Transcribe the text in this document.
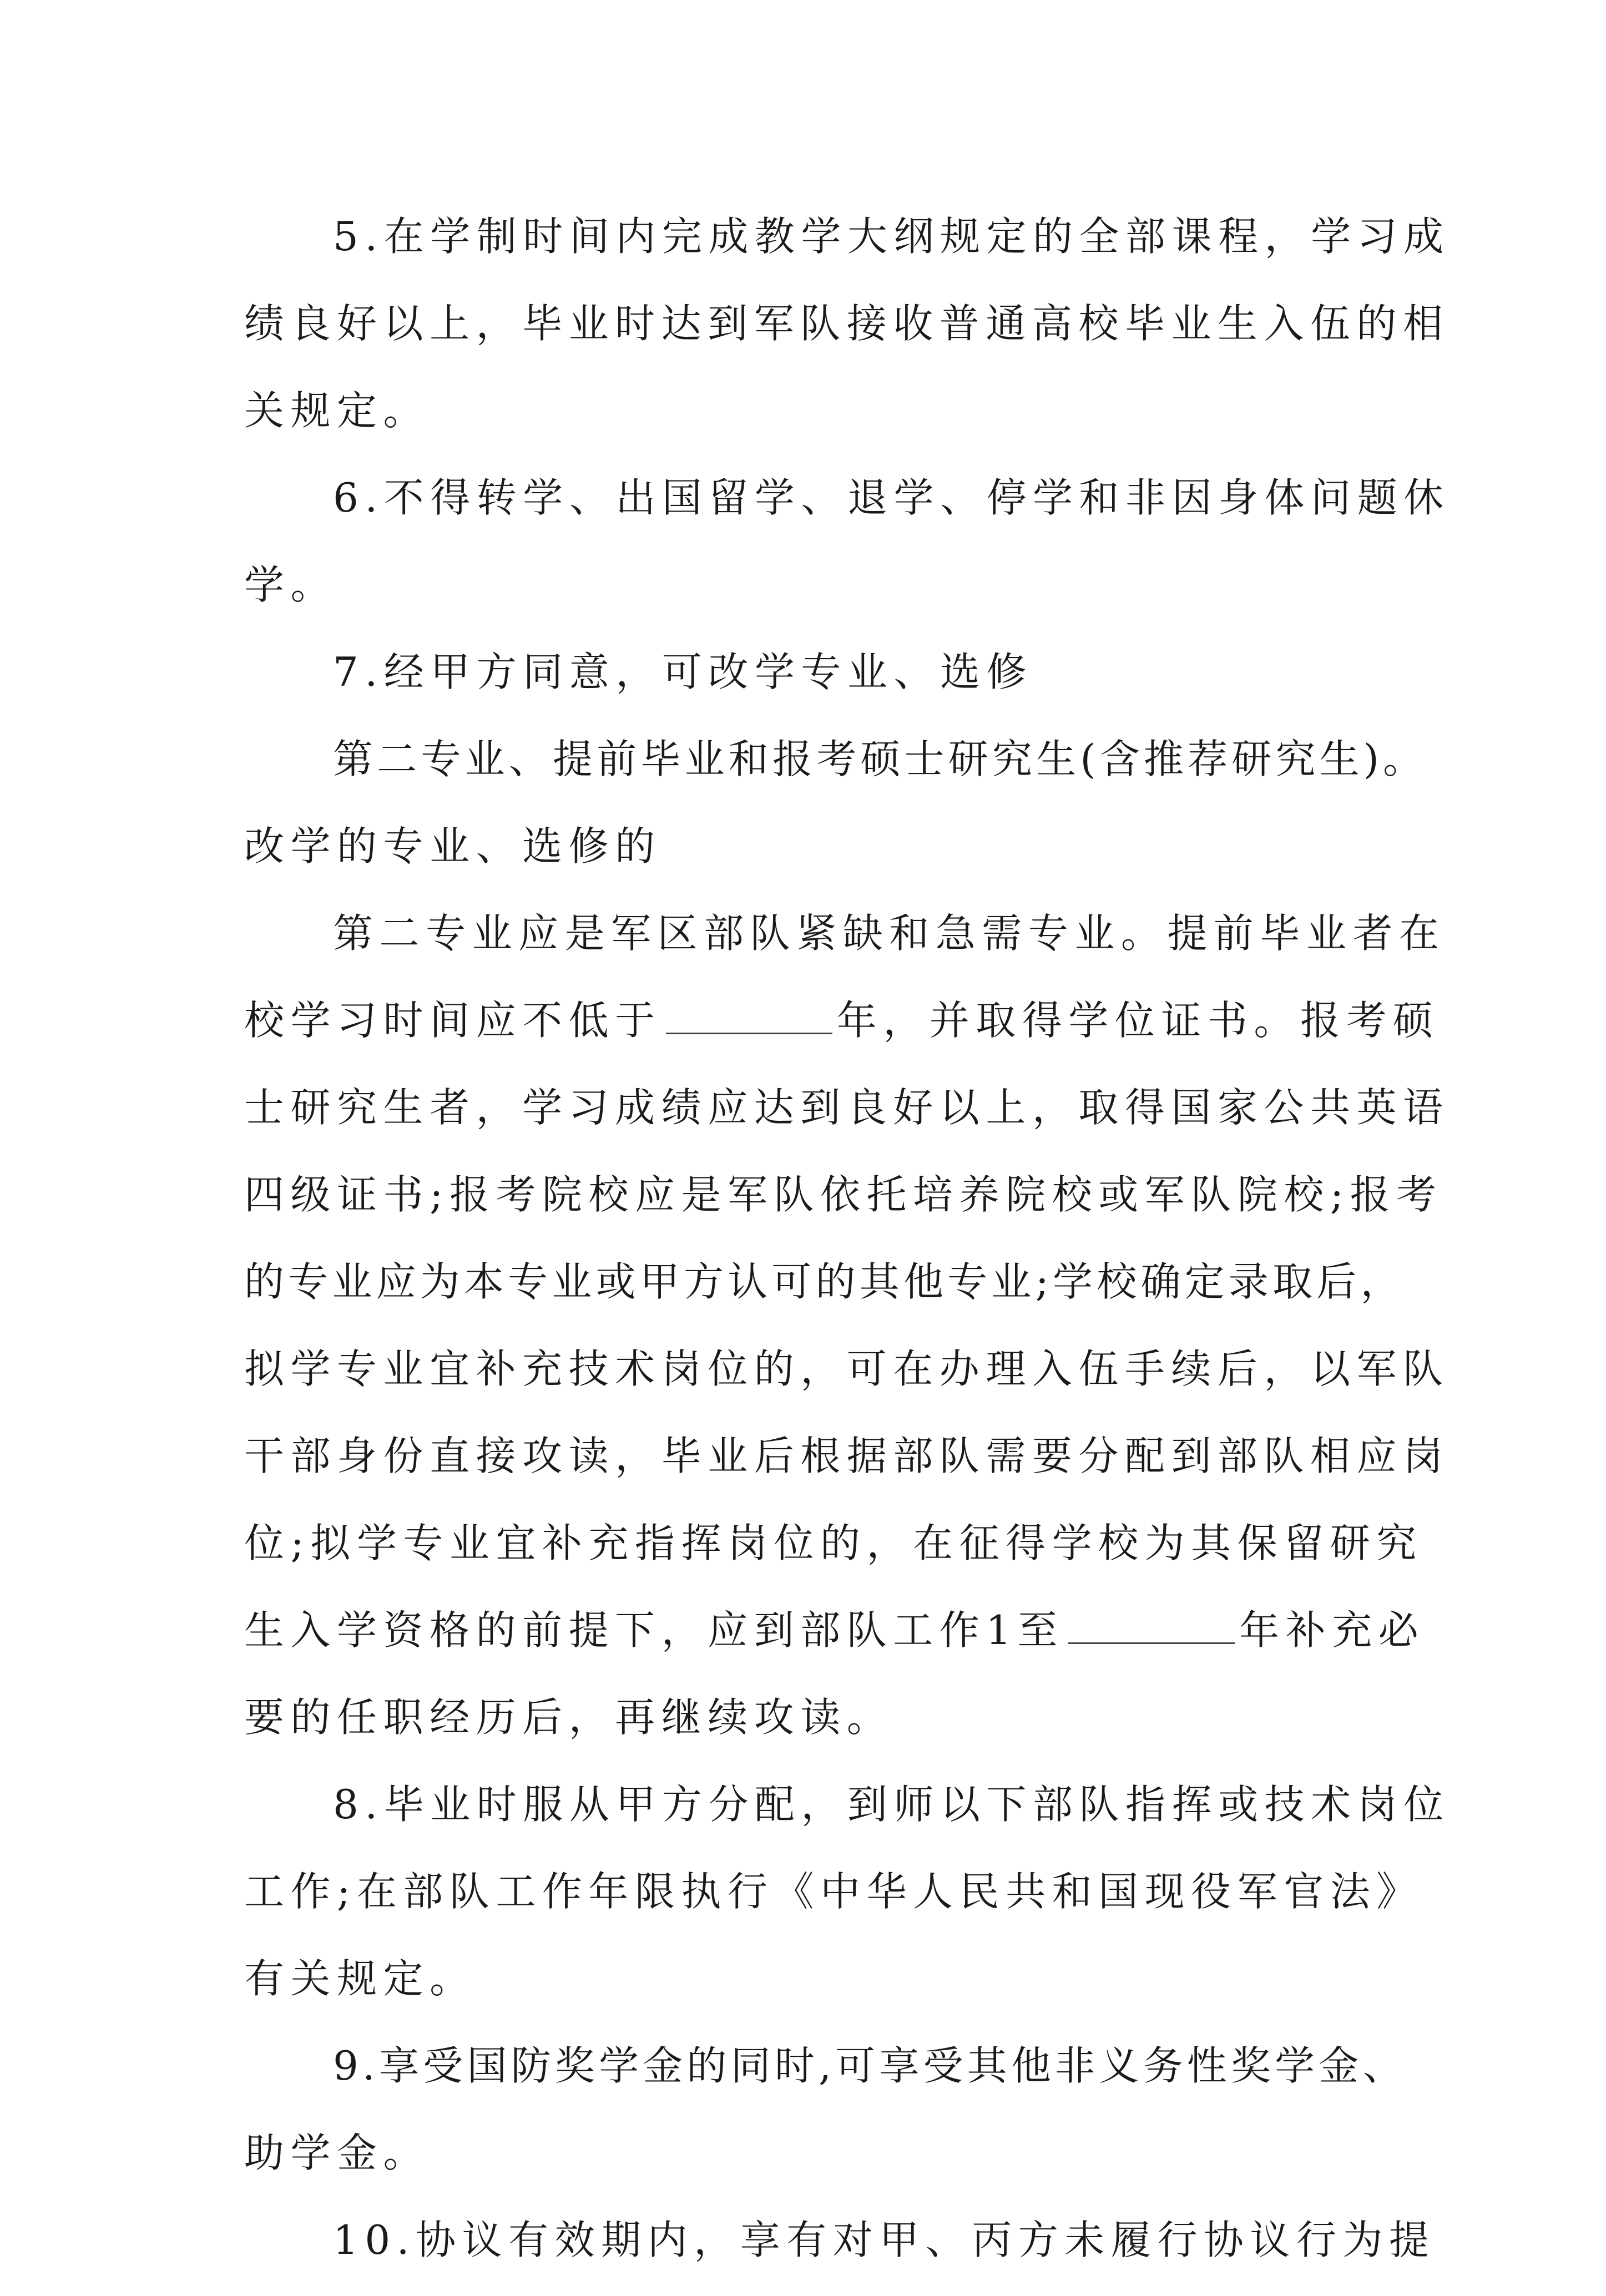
5.在学制时间内完成教学大纲规定的全部课程，学习成
绩良好以上，毕业时达到军队接收普通高校毕业生入伍的相
关规定。
6.不得转学、出国留学、退学、停学和非因身体问题休
学。
7.经甲方同意，可改学专业、选修
第二专业、提前毕业和报考硕士研究生(含推荐研究生)。
改学的专业、选修的
第二专业应是军区部队紧缺和急需专业。提前毕业者在
校学习时间应不低于	年，并取得学位证书。报考硕
士研究生者，学习成绩应达到良好以上，取得国家公共英语
四级证书;报考院校应是军队依托培养院校或军队院校;报考
的专业应为本专业或甲方认可的其他专业;学校确定录取后，
拟学专业宜补充技术岗位的，可在办理入伍手续后，以军队
干部身份直接攻读，毕业后根据部队需要分配到部队相应岗
位;拟学专业宜补充指挥岗位的，在征得学校为其保留研究
生入学资格的前提下，应到部队工作1至	年补充必
要的任职经历后，再继续攻读。
8.毕业时服从甲方分配，到师以下部队指挥或技术岗位
工作;在部队工作年限执行《中华人民共和国现役军官法》
有关规定。
9.享受国防奖学金的同时,可享受其他非义务性奖学金、
助学金。
10.协议有效期内，享有对甲、丙方未履行协议行为提
